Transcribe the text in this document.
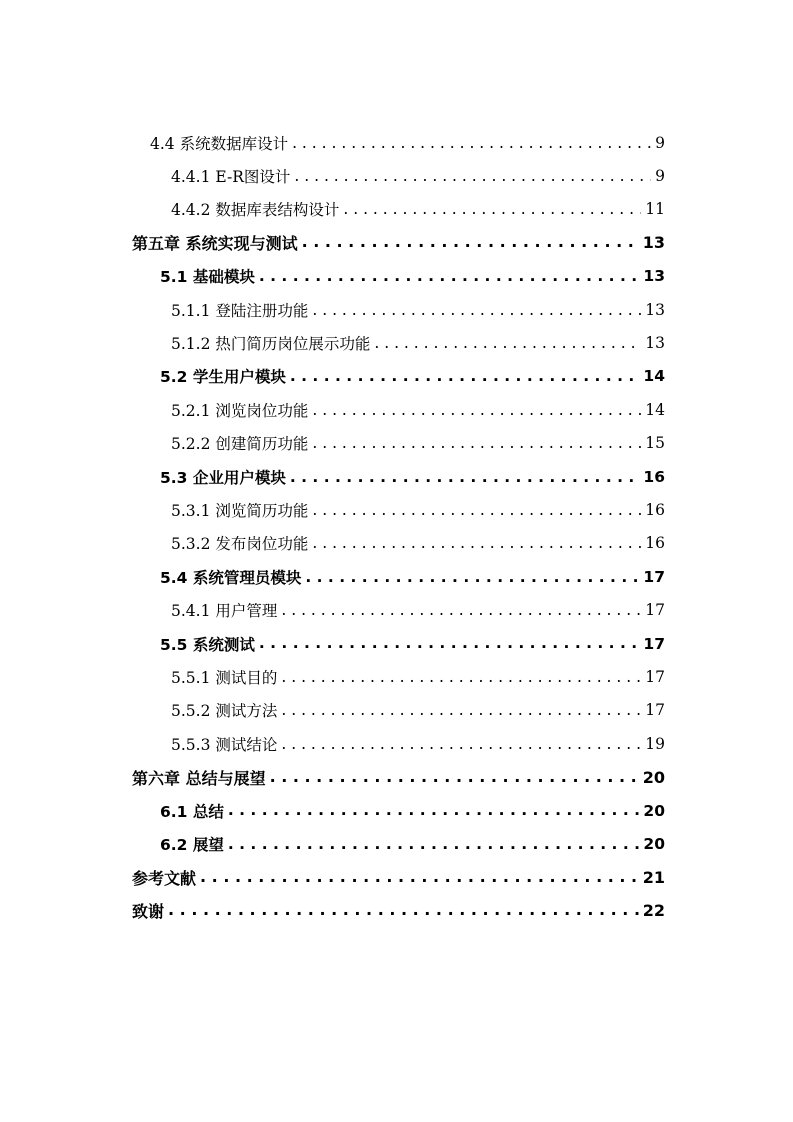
4.4 系统数据库设计 . . .	9
4.4.1 E-R图设计 . . .	9
4.4.2 数据库表结构设计 . . .	11
第五章 系统实现与测试 . . .	13
5.1 基础模块 . . .	13
5.1.1 登陆注册功能 . . .	13
5.1.2 热门简历岗位展示功能 . . .	13
5.2 学生用户模块 . . .	14
5.2.1 浏览岗位功能 . . .	14
5.2.2 创建简历功能 . . .	15
5.3 企业用户模块 . . .	16
5.3.1 浏览简历功能 . . .	16
5.3.2 发布岗位功能 . . .	16
5.4 系统管理员模块 . . .	17
5.4.1 用户管理 . . .	17
5.5 系统测试 . . .	17
5.5.1 测试目的 . . .	17
5.5.2 测试方法 . . .	17
5.5.3 测试结论 . . .	19
第六章 总结与展望 . . .	20
6.1 总结 . . .	20
6.2 展望 . . .	20
参考文献 . . .	21
致谢 . . .	22
